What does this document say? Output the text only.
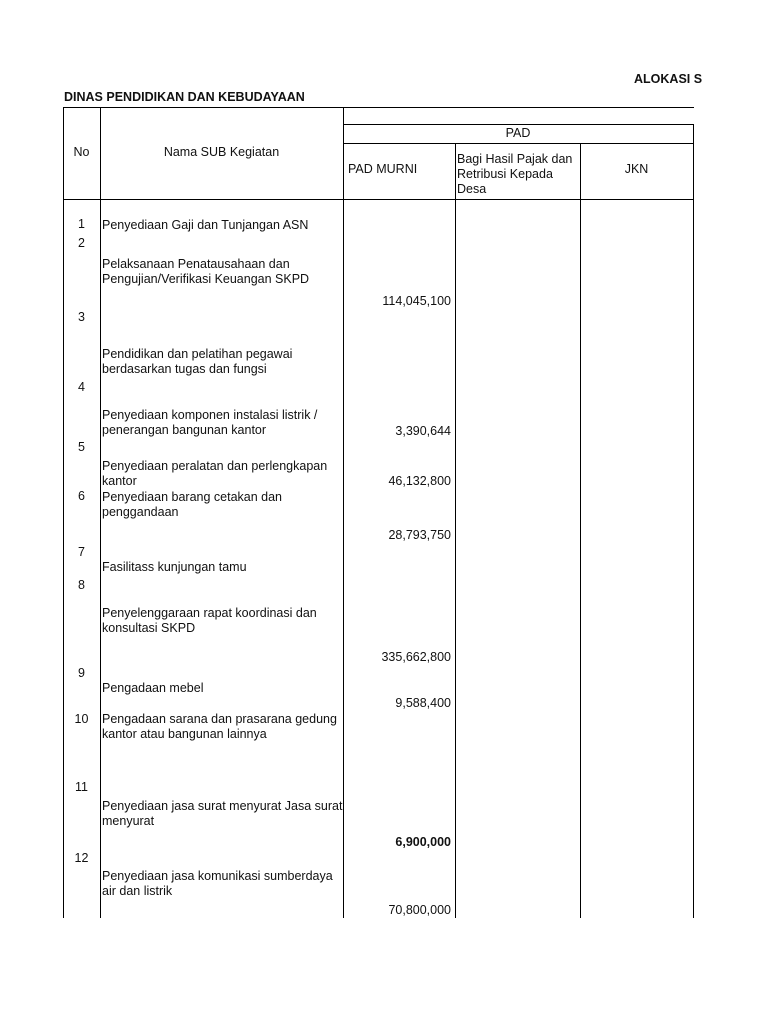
ALOKASI S
DINAS PENDIDIKAN DAN KEBUDAYAAN
No	Nama SUB Kegiatan
PAD
PAD MURNI
Bagi Hasil Pajak dan
Retribusi Kepada
Desa
JKN
1
2
3
4
5
6
7
8
9
10
11
12
Penyediaan Gaji dan Tunjangan ASN
Pelaksanaan Penatausahaan dan
Pengujian/Verifikasi Keuangan SKPD
Pendidikan dan pelatihan pegawai
berdasarkan tugas dan fungsi
Penyediaan komponen instalasi listrik /
penerangan bangunan kantor
Penyediaan peralatan dan perlengkapan
kantor
Penyediaan barang cetakan dan
penggandaan
Fasilitass kunjungan tamu
Penyelenggaraan rapat koordinasi dan
konsultasi SKPD
Pengadaan mebel
Pengadaan sarana dan prasarana gedung
kantor atau bangunan lainnya
Penyediaan jasa surat menyurat Jasa surat
menyurat
Penyediaan jasa komunikasi sumberdaya
air dan listrik
114,045,100
3,390,644
46,132,800
28,793,750
335,662,800
9,588,400
6,900,000
70,800,000
